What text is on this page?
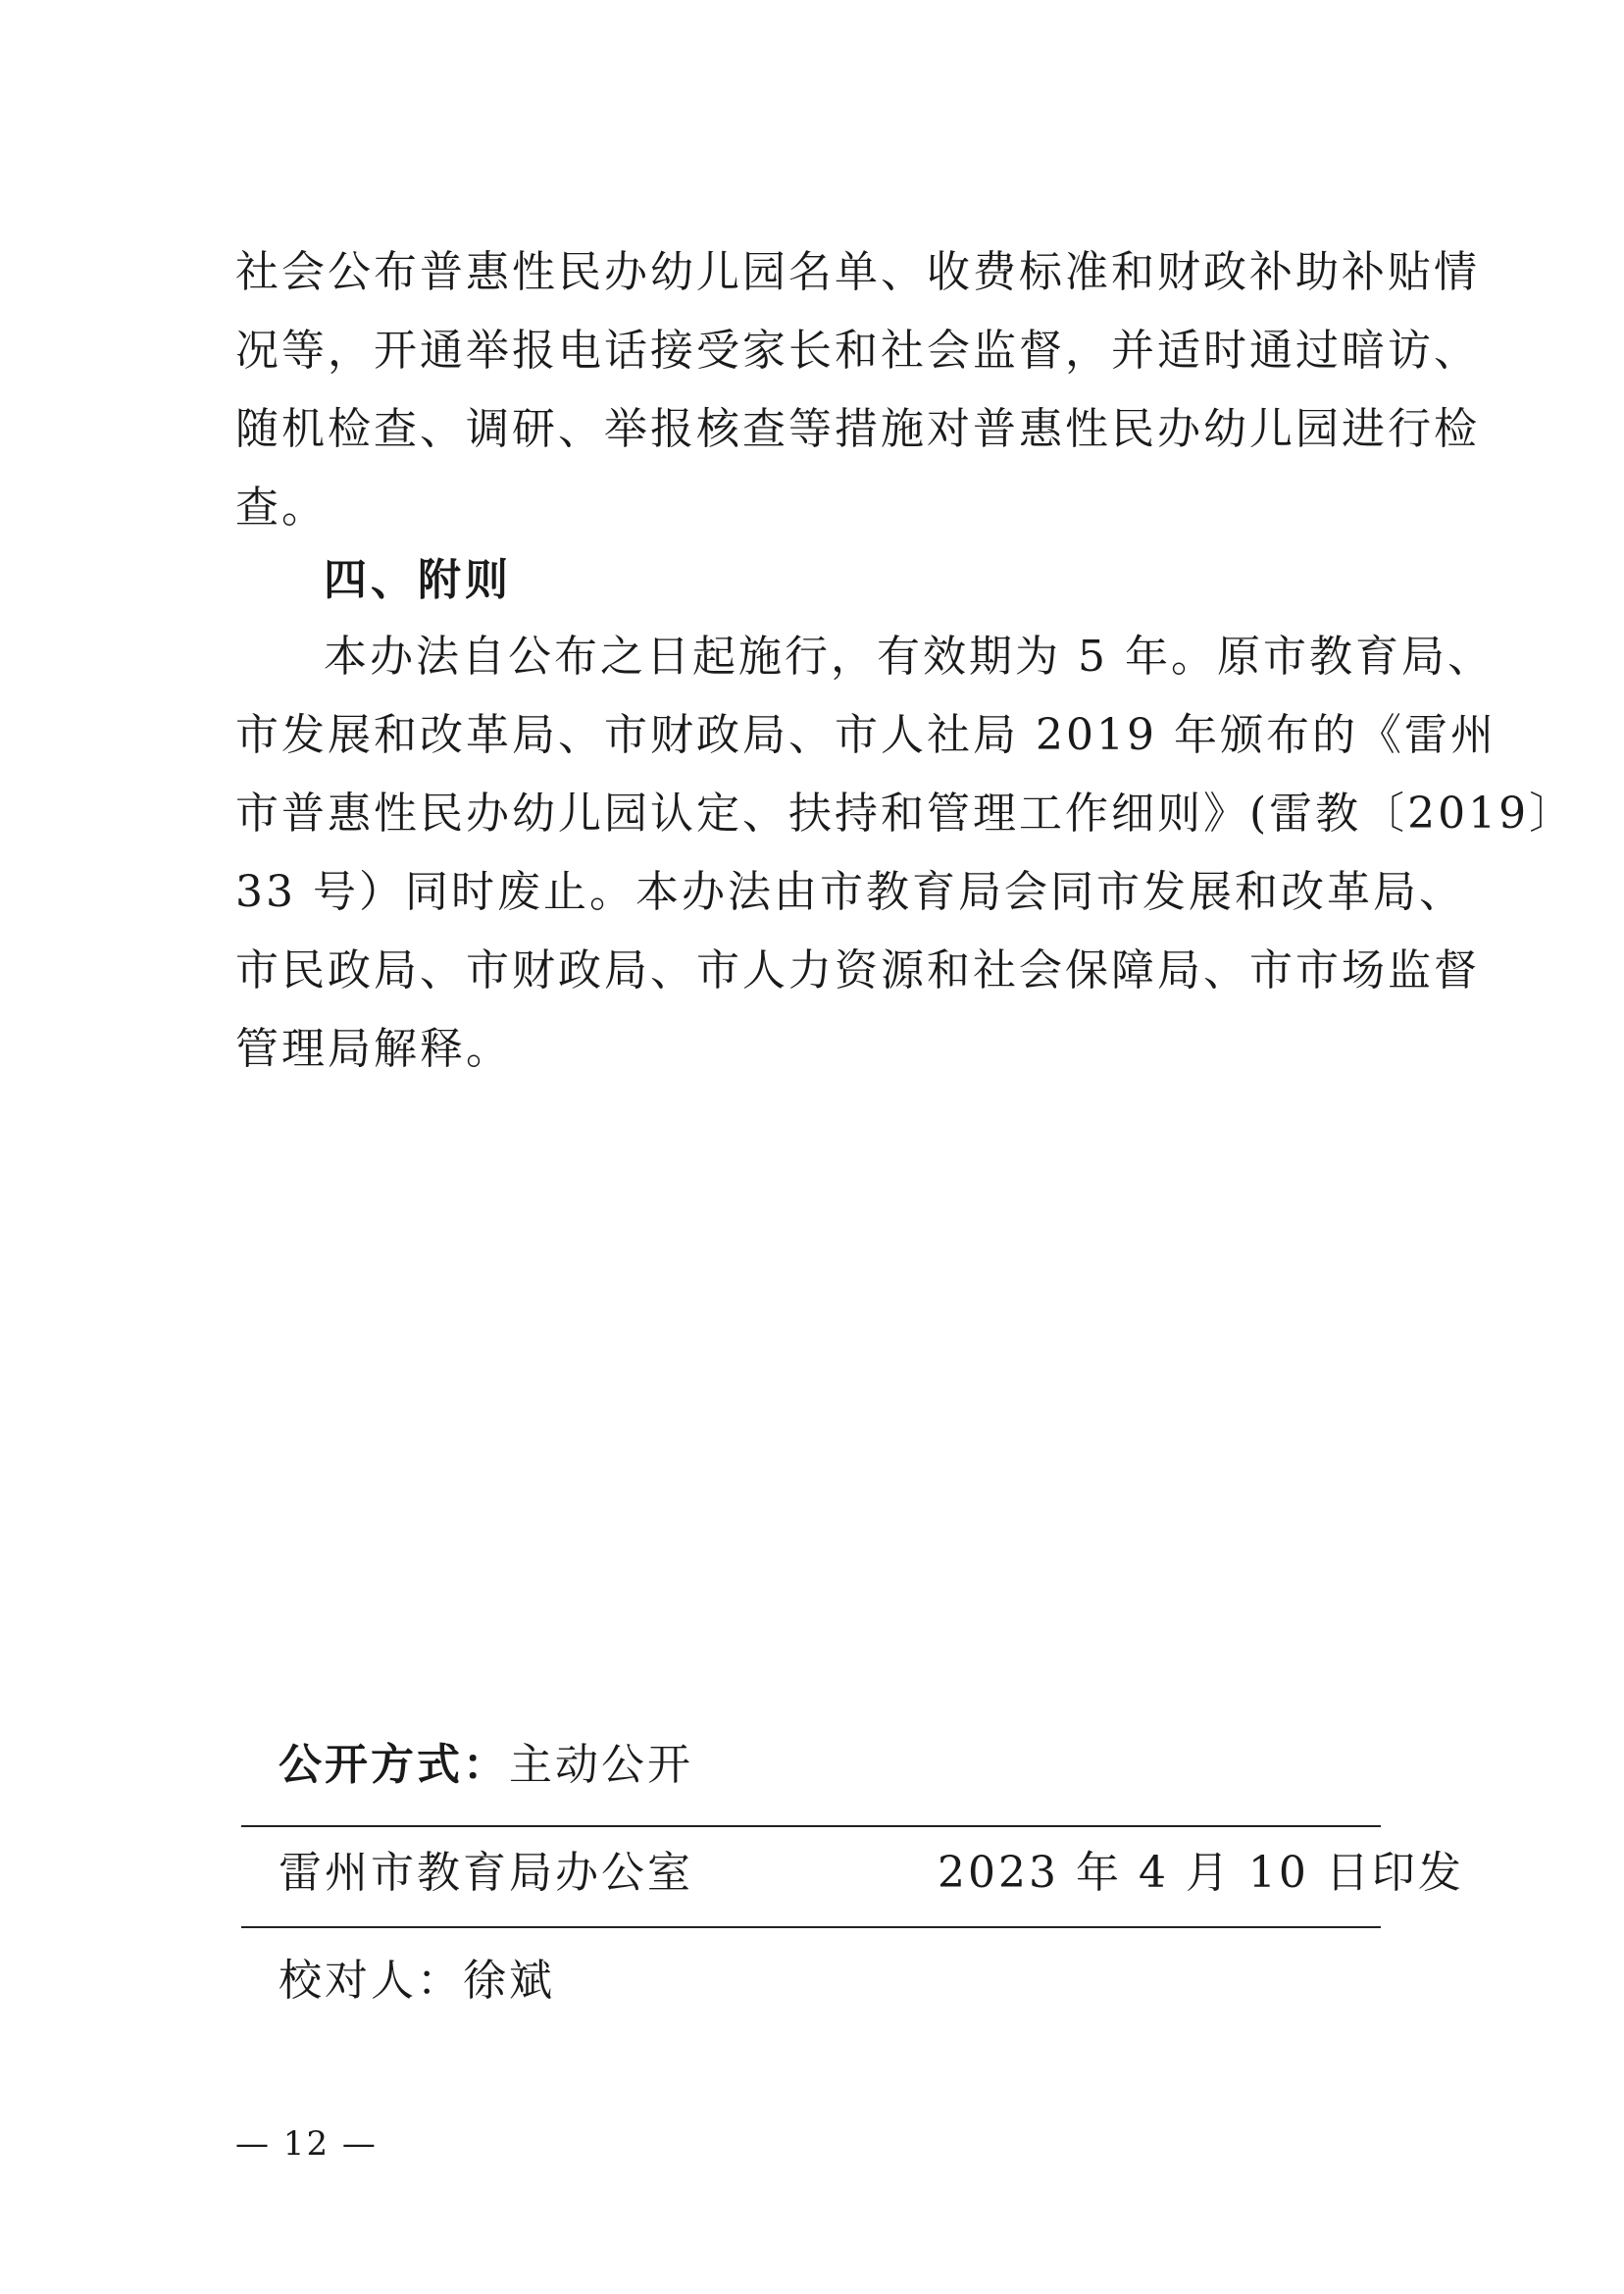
社会公布普惠性民办幼儿园名单、收费标准和财政补助补贴情
况等，开通举报电话接受家长和社会监督，并适时通过暗访、
随机检查、调研、举报核查等措施对普惠性民办幼儿园进行检
查。
四、附则
本办法自公布之日起施行，有效期为 5 年。原市教育局、
市发展和改革局、市财政局、市人社局 2019 年颁布的《雷州
市普惠性民办幼儿园认定、扶持和管理工作细则》(雷教〔2019〕
33 号）同时废止。本办法由市教育局会同市发展和改革局、
市民政局、市财政局、市人力资源和社会保障局、市市场监督
管理局解释。
公开方式：主动公开
雷州市教育局办公室	2023 年 4 月 10 日印发
校对人：徐斌
— 12 —
